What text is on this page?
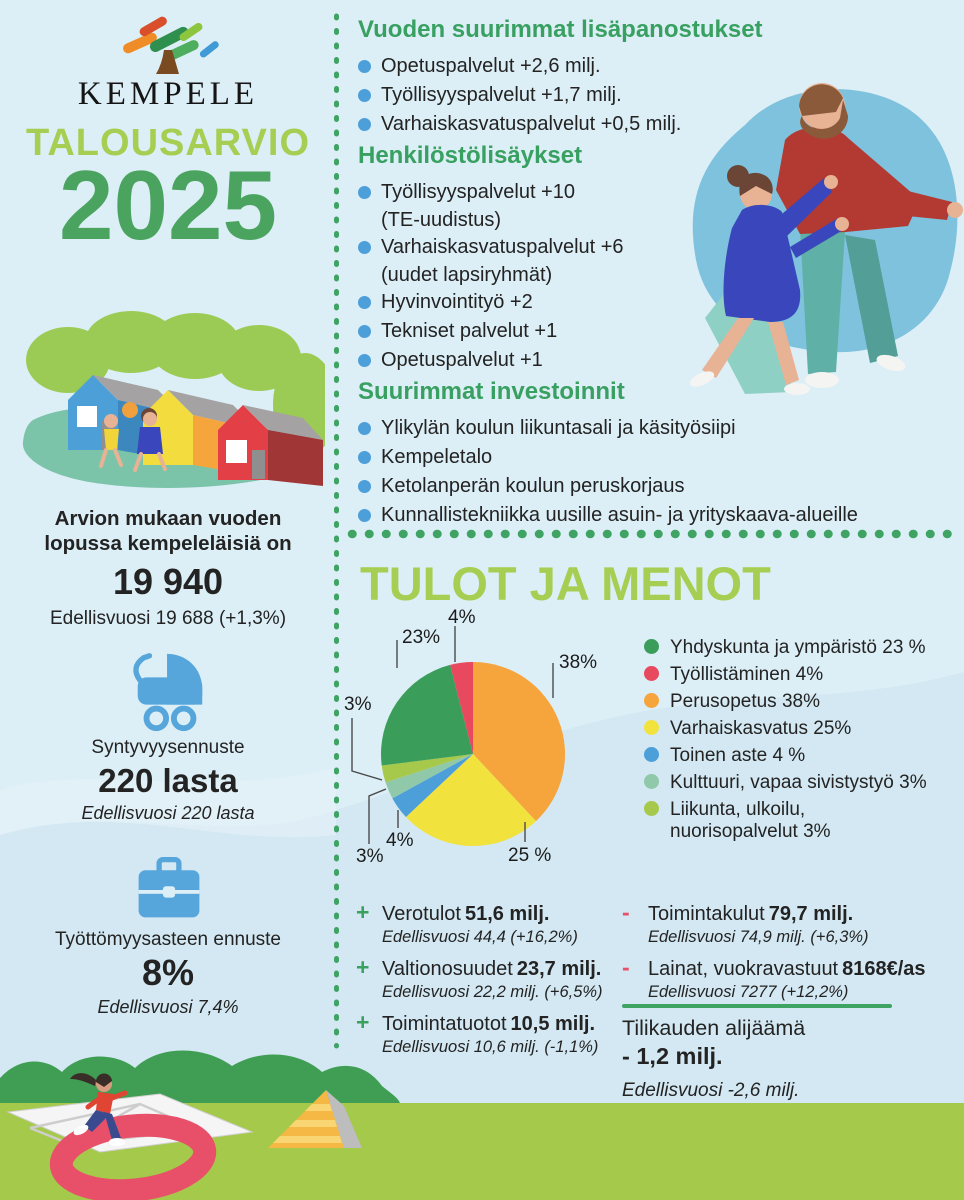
KEMPELE
TALOUSARVIO
2025
Arvion mukaan vuoden
lopussa kempeleläisiä on
19 940
Edellisvuosi 19 688 (+1,3%)
Syntyvyysennuste
220 lasta
Edellisvuosi 220 lasta
Työttömyysasteen ennuste
8%
Edellisvuosi 7,4%
Vuoden suurimmat lisäpanostukset
Opetuspalvelut +2,6 milj.
Työllisyyspalvelut +1,7 milj.
Varhaiskasvatuspalvelut +0,5 milj.
Henkilöstölisäykset
Työllisyyspalvelut +10
(TE-uudistus)
Varhaiskasvatuspalvelut +6
(uudet lapsiryhmät)
Hyvinvointityö +2
Tekniset palvelut +1
Opetuspalvelut +1
Suurimmat investoinnit
Ylikylän koulun liikuntasali ja käsityösiipi
Kempeletalo
Ketolanperän koulun peruskorjaus
Kunnallistekniikka uusille asuin- ja yrityskaava-alueille
TULOT JA MENOT
4%
23%
38%
3%
4%
3%	25 %
Yhdyskunta ja ympäristö 23 %
Työllistäminen 4%
Perusopetus 38%
Varhaiskasvatus 25%
Toinen aste 4 %
Kulttuuri, vapaa sivistystyö 3%
Liikunta, ulkoilu,
nuorisopalvelut 3%
+ Verotulot 51,6 milj.
Edellisvuosi 44,4 (+16,2%)
+ Valtionosuudet 23,7 milj.
Edellisvuosi 22,2 milj. (+6,5%)
+ Toimintatuotot 10,5 milj.
Edellisvuosi 10,6 milj. (-1,1%)
- Toimintakulut 79,7 milj.
Edellisvuosi 74,9 milj. (+6,3%)
- Lainat, vuokravastuut 8168€/as
Edellisvuosi 7277 (+12,2%)
Tilikauden alijäämä
- 1,2 milj.
Edellisvuosi -2,6 milj.
